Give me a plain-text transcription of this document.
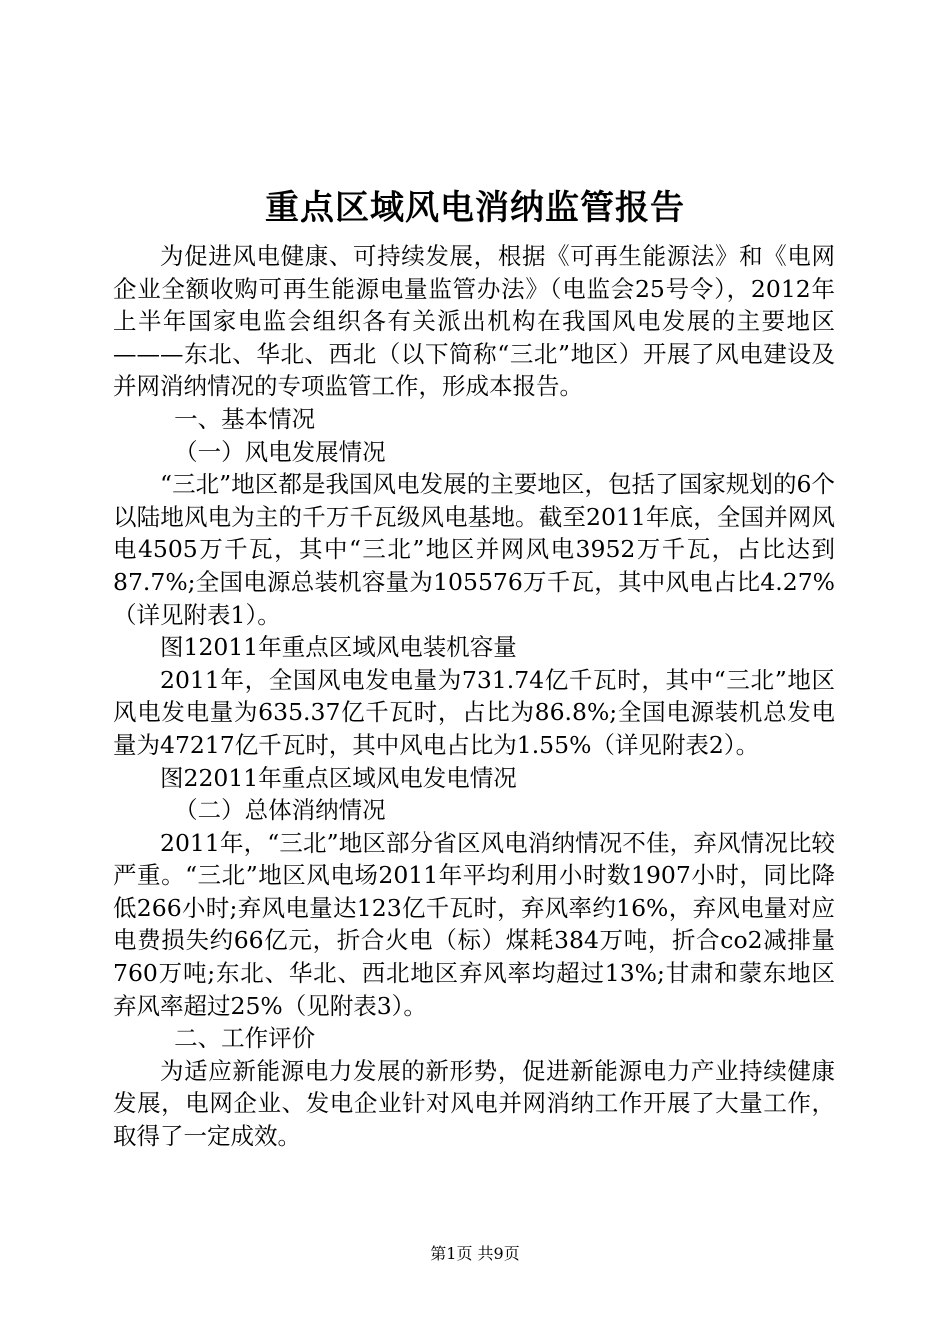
重点区域风电消纳监管报告

为促进风电健康、可持续发展，根据《可再生能源法》和《电网企业全额收购可再生能源电量监管办法》（电监会25号令），2012年上半年国家电监会组织各有关派出机构在我国风电发展的主要地区———东北、华北、西北（以下简称“三北”地区）开展了风电建设及并网消纳情况的专项监管工作，形成本报告。

一、基本情况

（一）风电发展情况

“三北”地区都是我国风电发展的主要地区，包括了国家规划的6个以陆地风电为主的千万千瓦级风电基地。截至2011年底，全国并网风电4505万千瓦，其中“三北”地区并网风电3952万千瓦，占比达到87.7%;全国电源总装机容量为105576万千瓦，其中风电占比4.27%（详见附表1）。

图12011年重点区域风电装机容量

2011年，全国风电发电量为731.74亿千瓦时，其中“三北”地区风电发电量为635.37亿千瓦时，占比为86.8%;全国电源装机总发电量为47217亿千瓦时，其中风电占比为1.55%（详见附表2）。

图22011年重点区域风电发电情况

（二）总体消纳情况

2011年，“三北”地区部分省区风电消纳情况不佳，弃风情况比较严重。“三北”地区风电场2011年平均利用小时数1907小时，同比降低266小时;弃风电量达123亿千瓦时，弃风率约16%，弃风电量对应电费损失约66亿元，折合火电（标）煤耗384万吨，折合co2减排量760万吨;东北、华北、西北地区弃风率均超过13%;甘肃和蒙东地区弃风率超过25%（见附表3）。

二、工作评价

为适应新能源电力发展的新形势，促进新能源电力产业持续健康发展，电网企业、发电企业针对风电并网消纳工作开展了大量工作，取得了一定成效。

第1页 共9页
